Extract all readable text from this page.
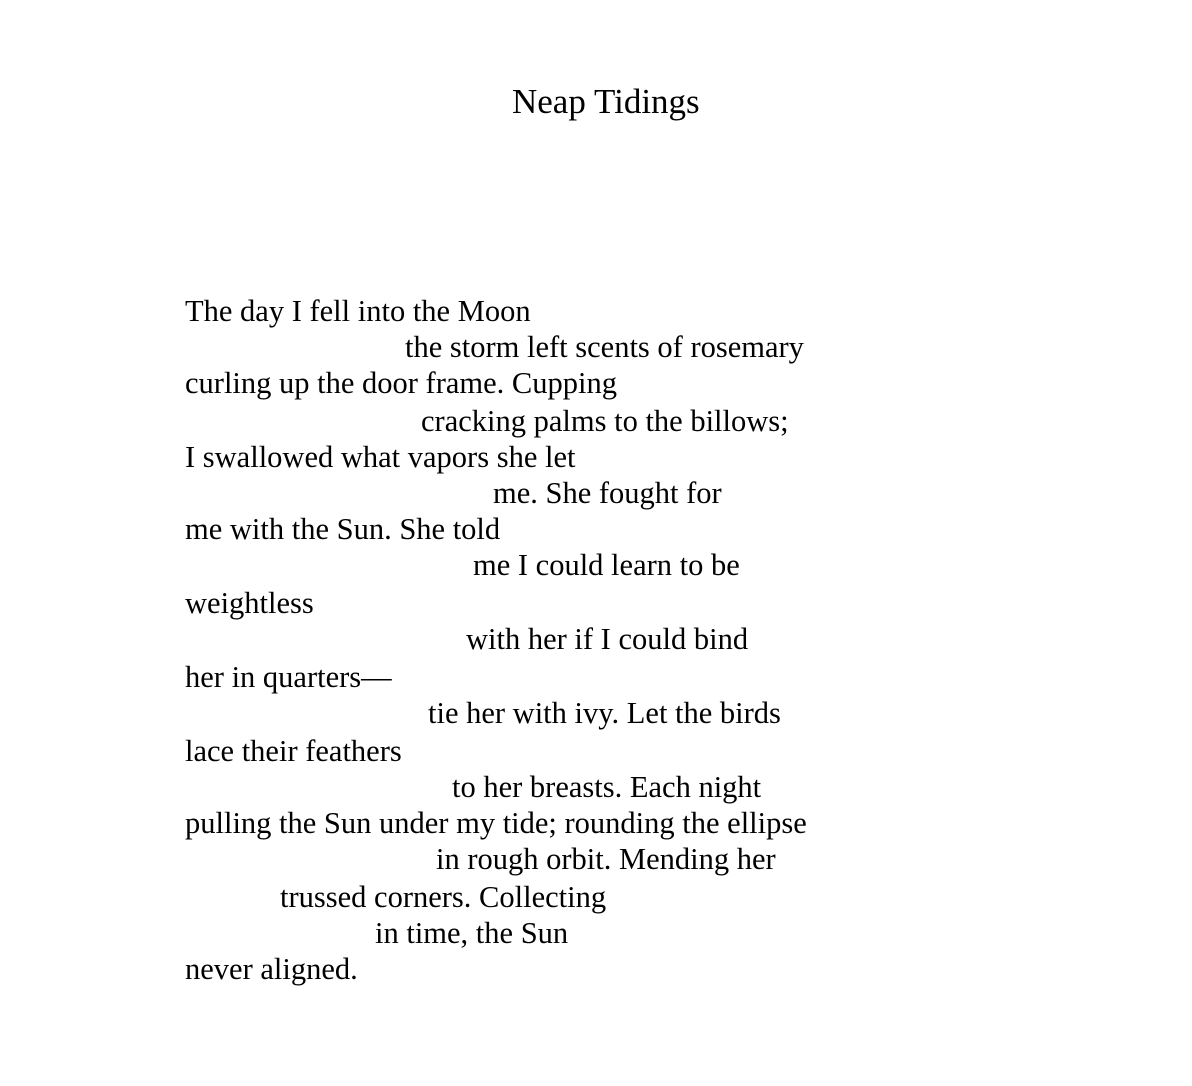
Neap Tidings
The day I fell into the Moon
the storm left scents of rosemary
curling up the door frame. Cupping
cracking palms to the billows;
I swallowed what vapors she let
me. She fought for
me with the Sun. She told
me I could learn to be
weightless
with her if I could bind
her in quarters—
tie her with ivy. Let the birds
lace their feathers
to her breasts. Each night
pulling the Sun under my tide; rounding the ellipse
in rough orbit. Mending her
trussed corners. Collecting
in time, the Sun
never aligned.
